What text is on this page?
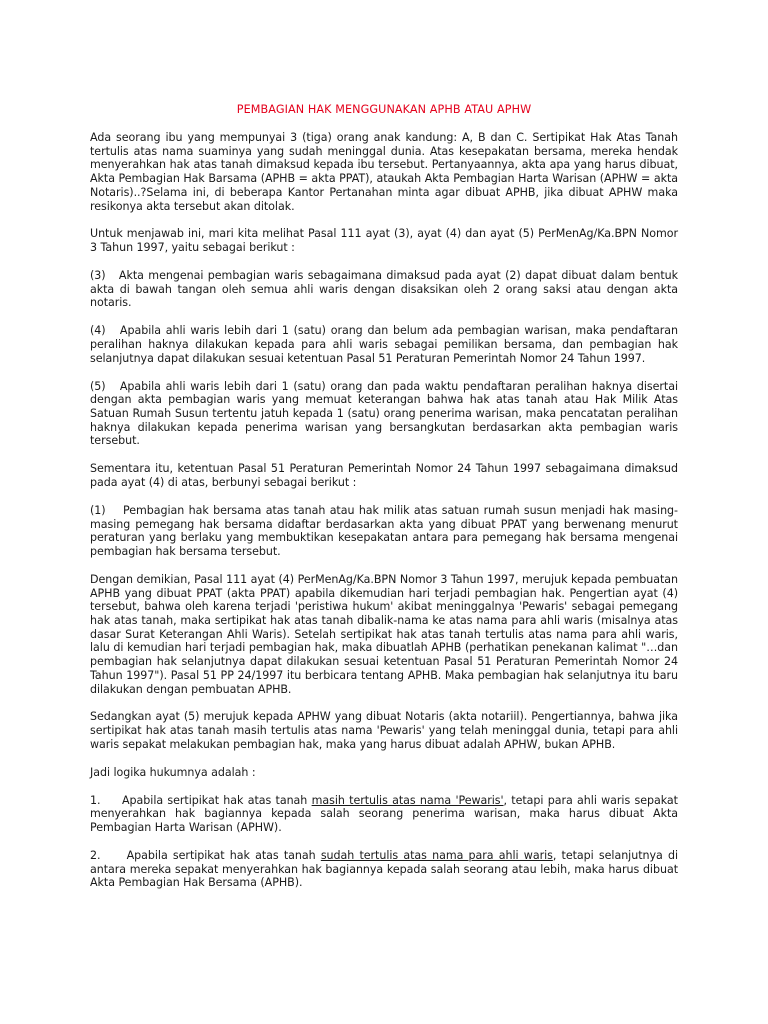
PEMBAGIAN HAK MENGGUNAKAN APHB ATAU APHW

Ada seorang ibu yang mempunyai 3 (tiga) orang anak kandung: A, B dan C. Sertipikat Hak Atas Tanah tertulis atas nama suaminya yang sudah meninggal dunia. Atas kesepakatan bersama, mereka hendak menyerahkan hak atas tanah dimaksud kepada ibu tersebut. Pertanyaannya, akta apa yang harus dibuat, Akta Pembagian Hak Barsama (APHB = akta PPAT), ataukah Akta Pembagian Harta Warisan (APHW = akta Notaris)..?Selama ini, di beberapa Kantor Pertanahan minta agar dibuat APHB, jika dibuat APHW maka resikonya akta tersebut akan ditolak.

Untuk menjawab ini, mari kita melihat Pasal 111 ayat (3), ayat (4) dan ayat (5) PerMenAg/Ka.BPN Nomor 3 Tahun 1997, yaitu sebagai berikut :

(3) Akta mengenai pembagian waris sebagaimana dimaksud pada ayat (2) dapat dibuat dalam bentuk akta di bawah tangan oleh semua ahli waris dengan disaksikan oleh 2 orang saksi atau dengan akta notaris.

(4) Apabila ahli waris lebih dari 1 (satu) orang dan belum ada pembagian warisan, maka pendaftaran peralihan haknya dilakukan kepada para ahli waris sebagai pemilikan bersama, dan pembagian hak selanjutnya dapat dilakukan sesuai ketentuan Pasal 51 Peraturan Pemerintah Nomor 24 Tahun 1997.

(5) Apabila ahli waris lebih dari 1 (satu) orang dan pada waktu pendaftaran peralihan haknya disertai dengan akta pembagian waris yang memuat keterangan bahwa hak atas tanah atau Hak Milik Atas Satuan Rumah Susun tertentu jatuh kepada 1 (satu) orang penerima warisan, maka pencatatan peralihan haknya dilakukan kepada penerima warisan yang bersangkutan berdasarkan akta pembagian waris tersebut.

Sementara itu, ketentuan Pasal 51 Peraturan Pemerintah Nomor 24 Tahun 1997 sebagaimana dimaksud pada ayat (4) di atas, berbunyi sebagai berikut :

(1) Pembagian hak bersama atas tanah atau hak milik atas satuan rumah susun menjadi hak masing-masing pemegang hak bersama didaftar berdasarkan akta yang dibuat PPAT yang berwenang menurut peraturan yang berlaku yang membuktikan kesepakatan antara para pemegang hak bersama mengenai pembagian hak bersama tersebut.

Dengan demikian, Pasal 111 ayat (4) PerMenAg/Ka.BPN Nomor 3 Tahun 1997, merujuk kepada pembuatan APHB yang dibuat PPAT (akta PPAT) apabila dikemudian hari terjadi pembagian hak. Pengertian ayat (4) tersebut, bahwa oleh karena terjadi 'peristiwa hukum' akibat meninggalnya 'Pewaris' sebagai pemegang hak atas tanah, maka sertipikat hak atas tanah dibalik-nama ke atas nama para ahli waris (misalnya atas dasar Surat Keterangan Ahli Waris). Setelah sertipikat hak atas tanah tertulis atas nama para ahli waris, lalu di kemudian hari terjadi pembagian hak, maka dibuatlah APHB (perhatikan penekanan kalimat "…dan pembagian hak selanjutnya dapat dilakukan sesuai ketentuan Pasal 51 Peraturan Pemerintah Nomor 24 Tahun 1997"). Pasal 51 PP 24/1997 itu berbicara tentang APHB. Maka pembagian hak selanjutnya itu baru dilakukan dengan pembuatan APHB.

Sedangkan ayat (5) merujuk kepada APHW yang dibuat Notaris (akta notariil). Pengertiannya, bahwa jika sertipikat hak atas tanah masih tertulis atas nama 'Pewaris' yang telah meninggal dunia, tetapi para ahli waris sepakat melakukan pembagian hak, maka yang harus dibuat adalah APHW, bukan APHB.

Jadi logika hukumnya adalah :

1. Apabila sertipikat hak atas tanah masih tertulis atas nama 'Pewaris', tetapi para ahli waris sepakat menyerahkan hak bagiannya kepada salah seorang penerima warisan, maka harus dibuat Akta Pembagian Harta Warisan (APHW).

2. Apabila sertipikat hak atas tanah sudah tertulis atas nama para ahli waris, tetapi selanjutnya di antara mereka sepakat menyerahkan hak bagiannya kepada salah seorang atau lebih, maka harus dibuat Akta Pembagian Hak Bersama (APHB).
